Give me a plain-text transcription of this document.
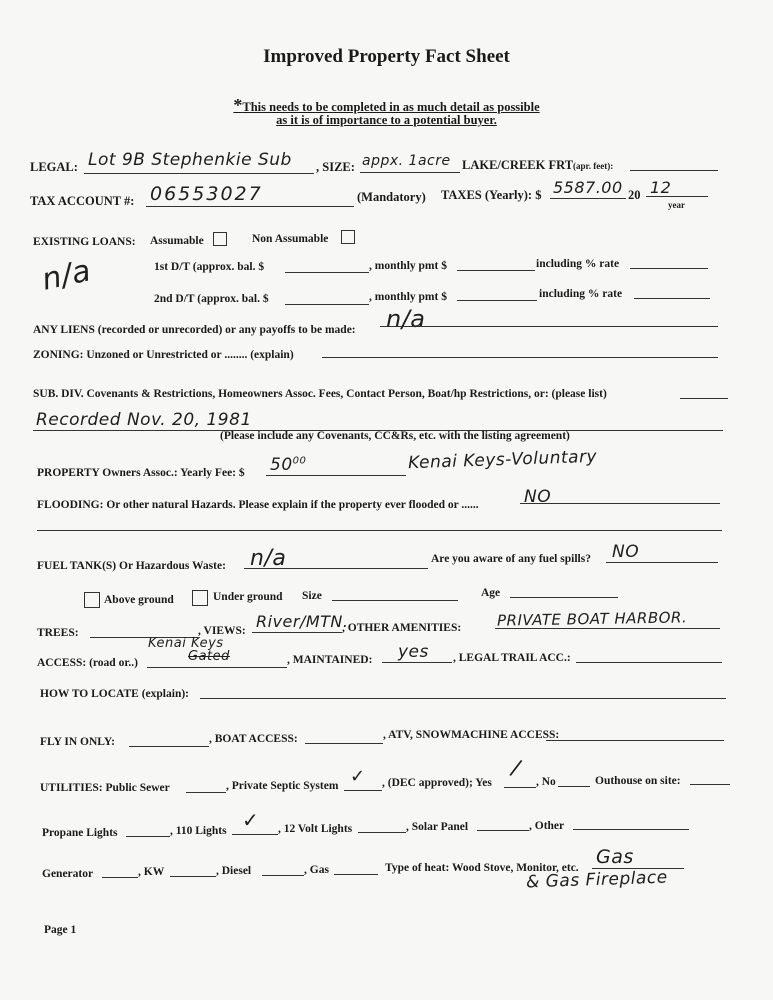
Improved Property Fact Sheet
*This needs to be completed in as much detail as possible
as it is of importance to a potential buyer.
LEGAL: Lot 9B Stephenkie Sub , SIZE: appx. 1acre LAKE/CREEK FRT(apr. feet):
TAX ACCOUNT #: 06553027	(Mandatory) TAXES (Yearly): $ 5587.00 20 12
year
EXISTING LOANS: Assumable	Non Assumable
n/a	1st D/T (approx. bal. $	, monthly pmt $	including % rate
2nd D/T (approx. bal. $	, monthly pmt $	including % rate
ANY LIENS (recorded or unrecorded) or any payoffs to be made: n/a
ZONING: Unzoned or Unrestricted or ........ (explain)
SUB. DIV. Covenants & Restrictions, Homeowners Assoc. Fees, Contact Person, Boat/hp Restrictions, or: (please list)
Recorded Nov. 20, 1981
(Please include any Covenants, CC&Rs, etc. with the listing agreement)
PROPERTY Owners Assoc.: Yearly Fee: $ $50^{00}$	Kenai Keys-Voluntary
FLOODING: Or other natural Hazards. Please explain if the property ever flooded or ......	NO
FUEL TANK(S) Or Hazardous Waste: n/a	Are you aware of any fuel spills? NO
Above ground	Under ground Size	Age
TREES:	, VIEWS: River/MTN.
, OTHER AMENITIES: PRIVATE BOAT HARBOR.
ACCESS: (road or..)
Kenai Keys
Gated	, MAINTAINED: yes , LEGAL TRAIL ACC.:
HOW TO LOCATE (explain):
FLY IN ONLY:	, BOAT ACCESS:	, ATV, SNOWMACHINE ACCESS:
UTILITIES: Public Sewer	, Private Septic System ✓ , (DEC approved); Yes
/
, No	Outhouse on site:
Propane Lights	, 110 Lights ✓ , 12 Volt Lights	, Solar Panel	, Other
Generator	, KW	, Diesel	, Gas	Type of heat: Wood Stove, Monitor, etc. Gas
& Gas Fireplace
Page 1
